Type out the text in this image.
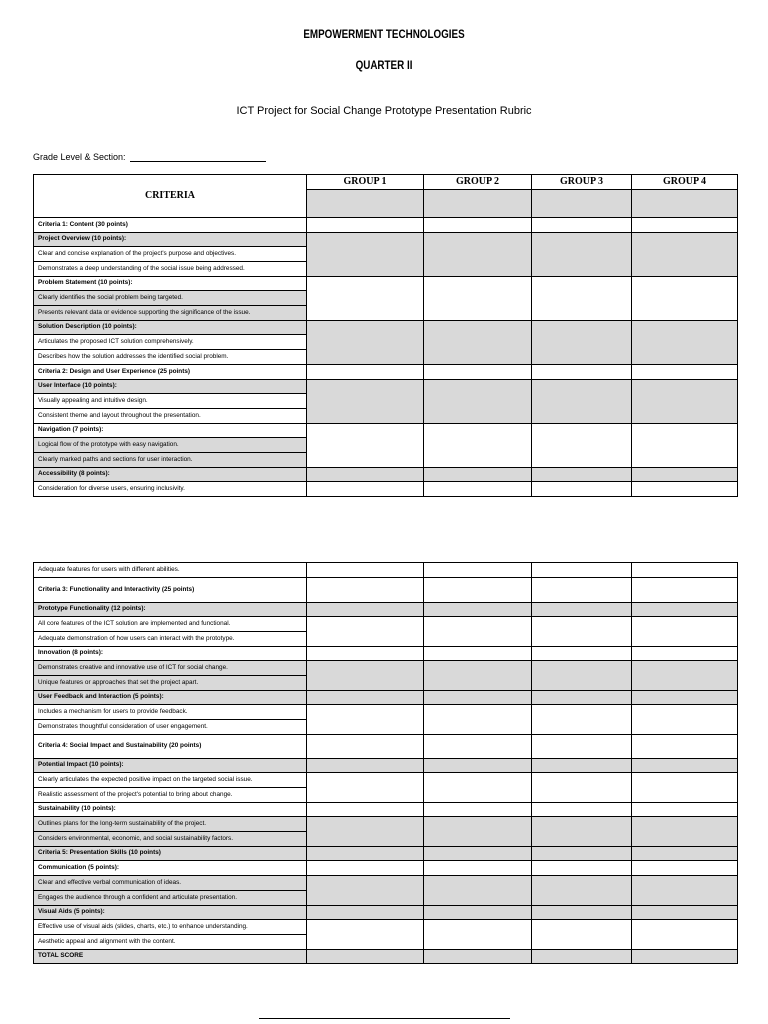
EMPOWERMENT TECHNOLOGIES
QUARTER II
ICT Project for Social Change Prototype Presentation Rubric
Grade Level & Section:
CRITERIA	GROUP 1	GROUP 2	GROUP 3	GROUP 4

Criteria 1: Content (30 points)				
Project Overview (10 points):				
Clear and concise explanation of the project's purpose and objectives.				
Demonstrates a deep understanding of the social issue being addressed.				
Problem Statement (10 points):				
Clearly identifies the social problem being targeted.				
Presents relevant data or evidence supporting the significance of the issue.				
Solution Description (10 points):				
Articulates the proposed ICT solution comprehensively.				
Describes how the solution addresses the identified social problem.				
Criteria 2: Design and User Experience (25 points)				
User Interface (10 points):				
Visually appealing and intuitive design.				
Consistent theme and layout throughout the presentation.				
Navigation (7 points):				
Logical flow of the prototype with easy navigation.				
Clearly marked paths and sections for user interaction.				
Accessibility (8 points):				
Consideration for diverse users, ensuring inclusivity.				
Adequate features for users with different abilities.				
Criteria 3: Functionality and Interactivity (25 points)				
Prototype Functionality (12 points):				
All core features of the ICT solution are implemented and functional.				
Adequate demonstration of how users can interact with the prototype.				
Innovation (8 points):				
Demonstrates creative and innovative use of ICT for social change.				
Unique features or approaches that set the project apart.				
User Feedback and Interaction (5 points):				
Includes a mechanism for users to provide feedback.				
Demonstrates thoughtful consideration of user engagement.				
Criteria 4: Social Impact and Sustainability (20 points)				
Potential Impact (10 points):				
Clearly articulates the expected positive impact on the targeted social issue.				
Realistic assessment of the project's potential to bring about change.				
Sustainability (10 points):				
Outlines plans for the long-term sustainability of the project.				
Considers environmental, economic, and social sustainability factors.				
Criteria 5: Presentation Skills (10 points)				
Communication (5 points):				
Clear and effective verbal communication of ideas.				
Engages the audience through a confident and articulate presentation.				
Visual Aids (5 points):				
Effective use of visual aids (slides, charts, etc.) to enhance understanding.				
Aesthetic appeal and alignment with the content.				
TOTAL SCORE				
